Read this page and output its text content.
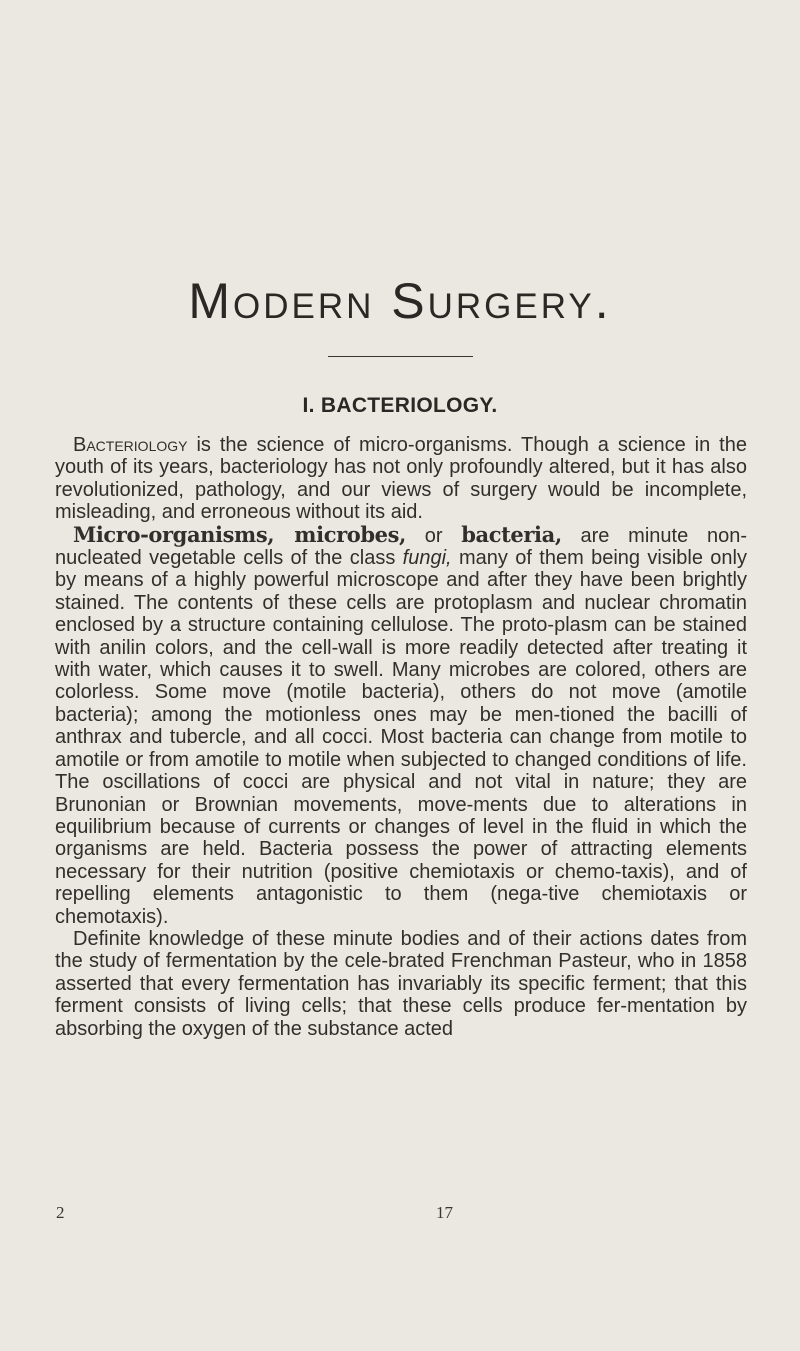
Modern Surgery.
I. BACTERIOLOGY.

Bacteriology is the science of micro-organisms. Though a science in the youth of its years, bacteriology has not only profoundly altered, but it has also revolutionized, pathology, and our views of surgery would be incomplete, misleading, and erroneous without its aid.

Micro-organisms, microbes, or bacteria, are minute non-nucleated vegetable cells of the class fungi, many of them being visible only by means of a highly powerful microscope and after they have been brightly stained. The contents of these cells are protoplasm and nuclear chromatin enclosed by a structure containing cellulose. The proto-plasm can be stained with anilin colors, and the cell-wall is more readily detected after treating it with water, which causes it to swell. Many microbes are colored, others are colorless. Some move (motile bacteria), others do not move (amotile bacteria); among the motionless ones may be men-tioned the bacilli of anthrax and tubercle, and all cocci. Most bacteria can change from motile to amotile or from amotile to motile when subjected to changed conditions of life. The oscillations of cocci are physical and not vital in nature; they are Brunonian or Brownian movements, move-ments due to alterations in equilibrium because of currents or changes of level in the fluid in which the organisms are held. Bacteria possess the power of attracting elements necessary for their nutrition (positive chemiotaxis or chemo-taxis), and of repelling elements antagonistic to them (nega-tive chemiotaxis or chemotaxis).

Definite knowledge of these minute bodies and of their actions dates from the study of fermentation by the cele-brated Frenchman Pasteur, who in 1858 asserted that every fermentation has invariably its specific ferment; that this ferment consists of living cells; that these cells produce fer-mentation by absorbing the oxygen of the substance acted

2	17
